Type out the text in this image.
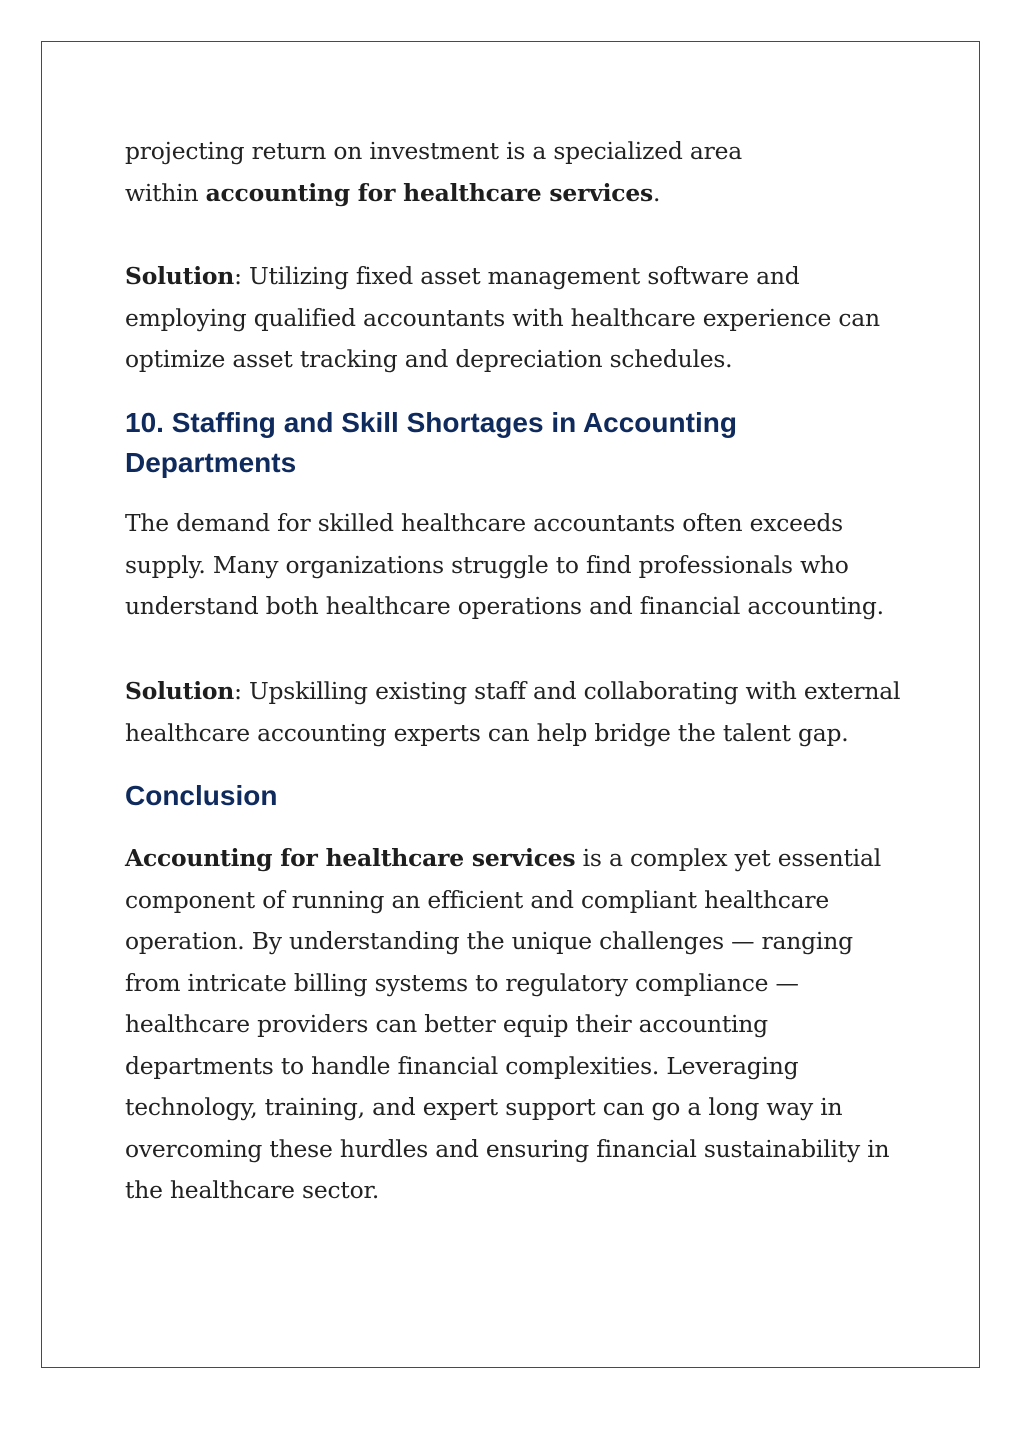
projecting return on investment is a specialized area
within accounting for healthcare services.

Solution: Utilizing fixed asset management software and employing qualified accountants with healthcare experience can optimize asset tracking and depreciation schedules.

10. Staffing and Skill Shortages in Accounting Departments

The demand for skilled healthcare accountants often exceeds supply. Many organizations struggle to find professionals who understand both healthcare operations and financial accounting.

Solution: Upskilling existing staff and collaborating with external healthcare accounting experts can help bridge the talent gap.

Conclusion

Accounting for healthcare services is a complex yet essential component of running an efficient and compliant healthcare operation. By understanding the unique challenges — ranging from intricate billing systems to regulatory compliance — healthcare providers can better equip their accounting departments to handle financial complexities. Leveraging technology, training, and expert support can go a long way in overcoming these hurdles and ensuring financial sustainability in the healthcare sector.
